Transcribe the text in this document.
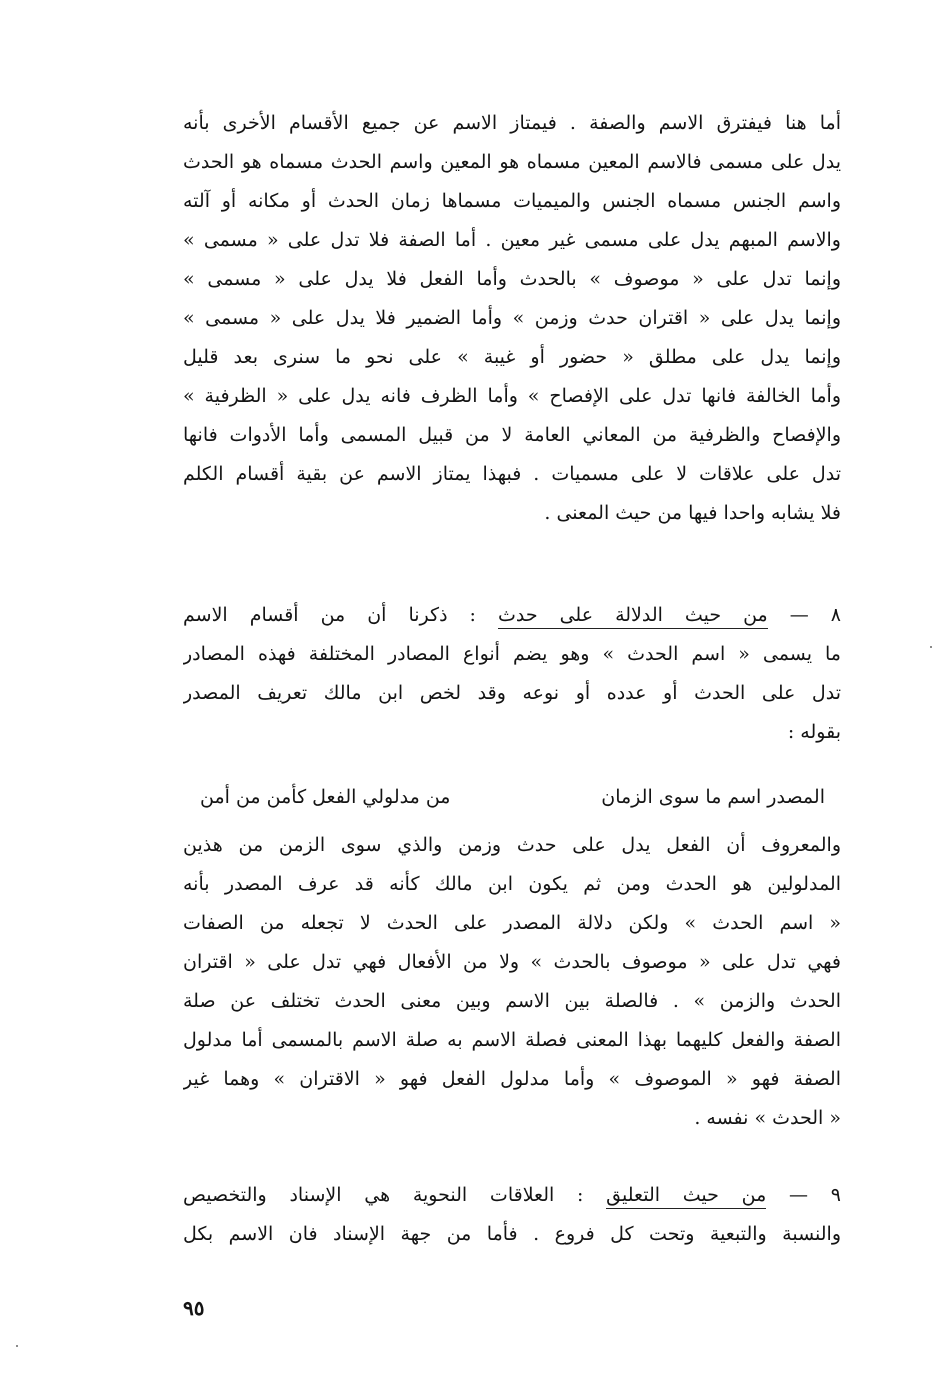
أما هنا فيفترق الاسم والصفة . فيمتاز الاسم عن جميع الأقسام الأخرى بأنه
يدل على مسمى فالاسم المعين مسماه هو المعين واسم الحدث مسماه هو الحدث
واسم الجنس مسماه الجنس والميميات مسماها زمان الحدث أو مكانه أو آلته
والاسم المبهم يدل على مسمى غير معين . أما الصفة فلا تدل على « مسمى »
وإنما تدل على « موصوف » بالحدث وأما الفعل فلا يدل على « مسمى »
وإنما يدل على « اقتران حدث وزمن » وأما الضمير فلا يدل على « مسمى »
وإنما يدل على مطلق « حضور أو غيبة » على نحو ما سنرى بعد قليل
وأما الخالفة فانها تدل على الإفصاح » وأما الظرف فانه يدل على « الظرفية »
والإفصاح والظرفية من المعاني العامة لا من قبيل المسمى وأما الأدوات فانها
تدل على علاقات لا على مسميات . فبهذا يمتاز الاسم عن بقية أقسام الكلم
فلا يشابه واحدا فيها من حيث المعنى .
٨ — من حيث الدلالة على حدث : ذكرنا أن من أقسام الاسم
ما يسمى « اسم الحدث » وهو يضم أنواع المصادر المختلفة فهذه المصادر
تدل على الحدث أو عدده أو نوعه وقد لخص ابن مالك تعريف المصدر
بقوله :
المصدر اسم ما سوى الزمان
من مدلولي الفعل كأمن من أمن
والمعروف أن الفعل يدل على حدث وزمن والذي سوى الزمن من هذين
المدلولين هو الحدث ومن ثم يكون ابن مالك كأنه قد عرف المصدر بأنه
« اسم الحدث » ولكن دلالة المصدر على الحدث لا تجعله من الصفات
فهي تدل على « موصوف بالحدث » ولا من الأفعال فهي تدل على « اقتران
الحدث والزمن » . فالصلة بين الاسم وبين معنى الحدث تختلف عن صلة
الصفة والفعل كليهما بهذا المعنى فصلة الاسم به صلة الاسم بالمسمى أما مدلول
الصفة فهو « الموصوف » وأما مدلول الفعل فهو « الاقتران » وهما غير
« الحدث » نفسه .
٩ — من حيث التعليق : العلاقات النحوية هي الإسناد والتخصيص
والنسبة والتبعية وتحت كل فروع . فأما من جهة الإسناد فان الاسم بكل
٩٥
